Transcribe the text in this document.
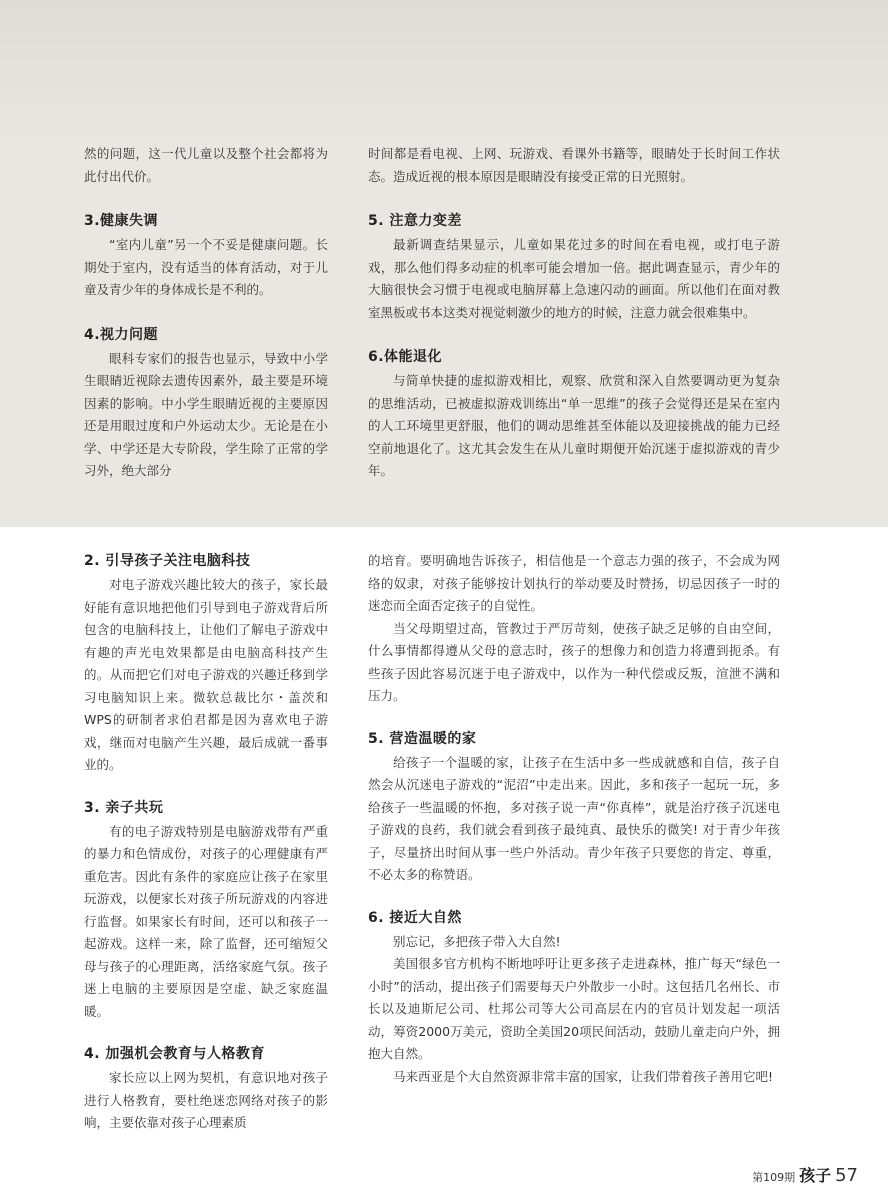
然的问题，这一代儿童以及整个社会都将为此付出代价。

3.健康失调

“室内儿童”另一个不妥是健康问题。长期处于室内，没有适当的体育活动，对于儿童及青少年的身体成长是不利的。

4.视力问题

眼科专家们的报告也显示，导致中小学生眼睛近视除去遗传因素外，最主要是环境因素的影响。中小学生眼睛近视的主要原因还是用眼过度和户外运动太少。无论是在小学、中学还是大专阶段，学生除了正常的学习外，绝大部分

时间都是看电视、上网、玩游戏、看课外书籍等，眼睛处于长时间工作状态。造成近视的根本原因是眼睛没有接受正常的日光照射。

5. 注意力变差

最新调查结果显示，儿童如果花过多的时间在看电视，或打电子游戏，那么他们得多动症的机率可能会增加一倍。据此调查显示，青少年的大脑很快会习惯于电视或电脑屏幕上急速闪动的画面。所以他们在面对教室黑板或书本这类对视觉刺激少的地方的时候，注意力就会很难集中。

6.体能退化

与简单快捷的虚拟游戏相比，观察、欣赏和深入自然要调动更为复杂的思维活动，已被虚拟游戏训练出“单一思维”的孩子会觉得还是呆在室内的人工环境里更舒服，他们的调动思维甚至体能以及迎接挑战的能力已经空前地退化了。这尤其会发生在从儿童时期便开始沉迷于虚拟游戏的青少年。

2. 引导孩子关注电脑科技

对电子游戏兴趣比较大的孩子，家长最好能有意识地把他们引导到电子游戏背后所包含的电脑科技上，让他们了解电子游戏中有趣的声光电效果都是由电脑高科技产生的。从而把它们对电子游戏的兴趣迁移到学习电脑知识上来。微软总裁比尔・盖茨和WPS的研制者求伯君都是因为喜欢电子游戏，继而对电脑产生兴趣，最后成就一番事业的。

3. 亲子共玩

有的电子游戏特别是电脑游戏带有严重的暴力和色情成份，对孩子的心理健康有严重危害。因此有条件的家庭应让孩子在家里玩游戏，以便家长对孩子所玩游戏的内容进行监督。如果家长有时间，还可以和孩子一起游戏。这样一来，除了监督，还可缩短父母与孩子的心理距离，活络家庭气氛。孩子迷上电脑的主要原因是空虚、缺乏家庭温暖。

4. 加强机会教育与人格教育

家长应以上网为契机，有意识地对孩子进行人格教育，要杜绝迷恋网络对孩子的影响，主要依靠对孩子心理素质

的培育。要明确地告诉孩子，相信他是一个意志力强的孩子，不会成为网络的奴隶，对孩子能够按计划执行的举动要及时赞扬，切忌因孩子一时的迷恋而全面否定孩子的自觉性。

当父母期望过高，管教过于严厉苛刻，使孩子缺乏足够的自由空间，什么事情都得遵从父母的意志时，孩子的想像力和创造力将遭到扼杀。有些孩子因此容易沉迷于电子游戏中，以作为一种代偿或反叛，渲泄不满和压力。

5. 营造温暖的家

给孩子一个温暖的家，让孩子在生活中多一些成就感和自信，孩子自然会从沉迷电子游戏的“泥沼”中走出来。因此，多和孩子一起玩一玩，多给孩子一些温暖的怀抱，多对孩子说一声“你真棒”，就是治疗孩子沉迷电子游戏的良药，我们就会看到孩子最纯真、最快乐的微笑! 对于青少年孩子，尽量挤出时间从事一些户外活动。青少年孩子只要您的肯定、尊重，不必太多的称赞语。

6. 接近大自然

别忘记，多把孩子带入大自然!

美国很多官方机构不断地呼吁让更多孩子走进森林，推广每天“绿色一小时”的活动，提出孩子们需要每天户外散步一小时。这包括几名州长、市长以及迪斯尼公司、杜邦公司等大公司高层在内的官员计划发起一项活动，筹资2000万美元，资助全美国20项民间活动，鼓励儿童走向户外，拥抱大自然。

马来西亚是个大自然资源非常丰富的国家，让我们带着孩子善用它吧!

第109期 孩子 57
